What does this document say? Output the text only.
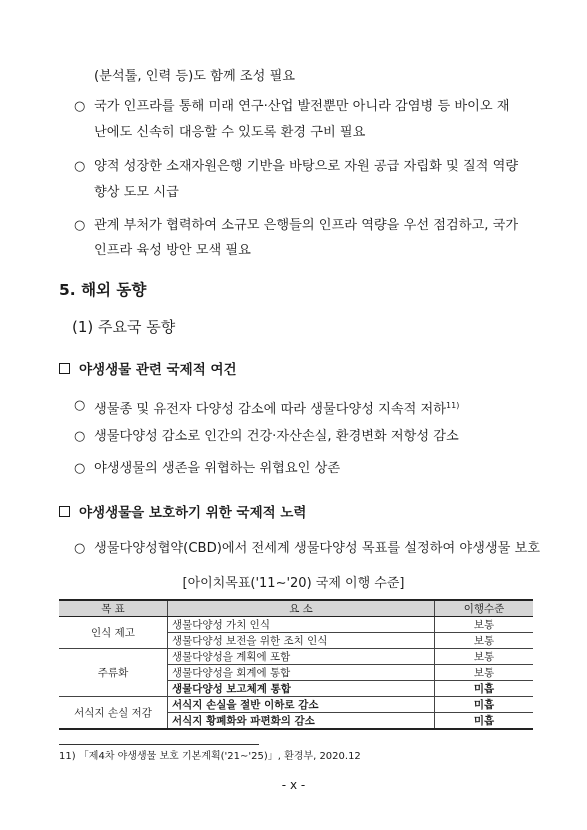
(분석툴, 인력 등)도 함께 조성 필요
○ 국가 인프라를 통해 미래 연구·산업 발전뿐만 아니라 감염병 등 바이오 재
난에도 신속히 대응할 수 있도록 환경 구비 필요
○ 양적 성장한 소재자원은행 기반을 바탕으로 자원 공급 자립화 및 질적 역량
향상 도모 시급
○ 관계 부처가 협력하여 소규모 은행들의 인프라 역량을 우선 점검하고, 국가
인프라 육성 방안 모색 필요
5. 해외 동향
(1) 주요국 동향
야생생물 관련 국제적 여건
○ 생물종 및 유전자 다양성 감소에 따라 생물다양성 지속적 저하$^{11)}$
○ 생물다양성 감소로 인간의 건강·자산손실, 환경변화 저항성 감소
○ 야생생물의 생존을 위협하는 위협요인 상존
야생생물을 보호하기 위한 국제적 노력
○ 생물다양성협약(CBD)에서 전세계 생물다양성 목표를 설정하여 야생생물 보호
[아이치목표('11∼'20) 국제 이행 수준]
목 표	요 소	이행수준
인식 제고	생물다양성 가치 인식	보통
	생물다양성 보전을 위한 조치 인식	보통
주류화	생물다양성을 계획에 포함	보통
	생물다양성을 회계에 통합	보통
	생물다양성 보고체계 통합	미흡
서식지 손실 저감	서식지 손실을 절반 이하로 감소	미흡
	서식지 황폐화와 파편화의 감소	미흡
11) 「제4차 야생생물 보호 기본계획('21∼'25)」, 환경부, 2020.12
- x -
